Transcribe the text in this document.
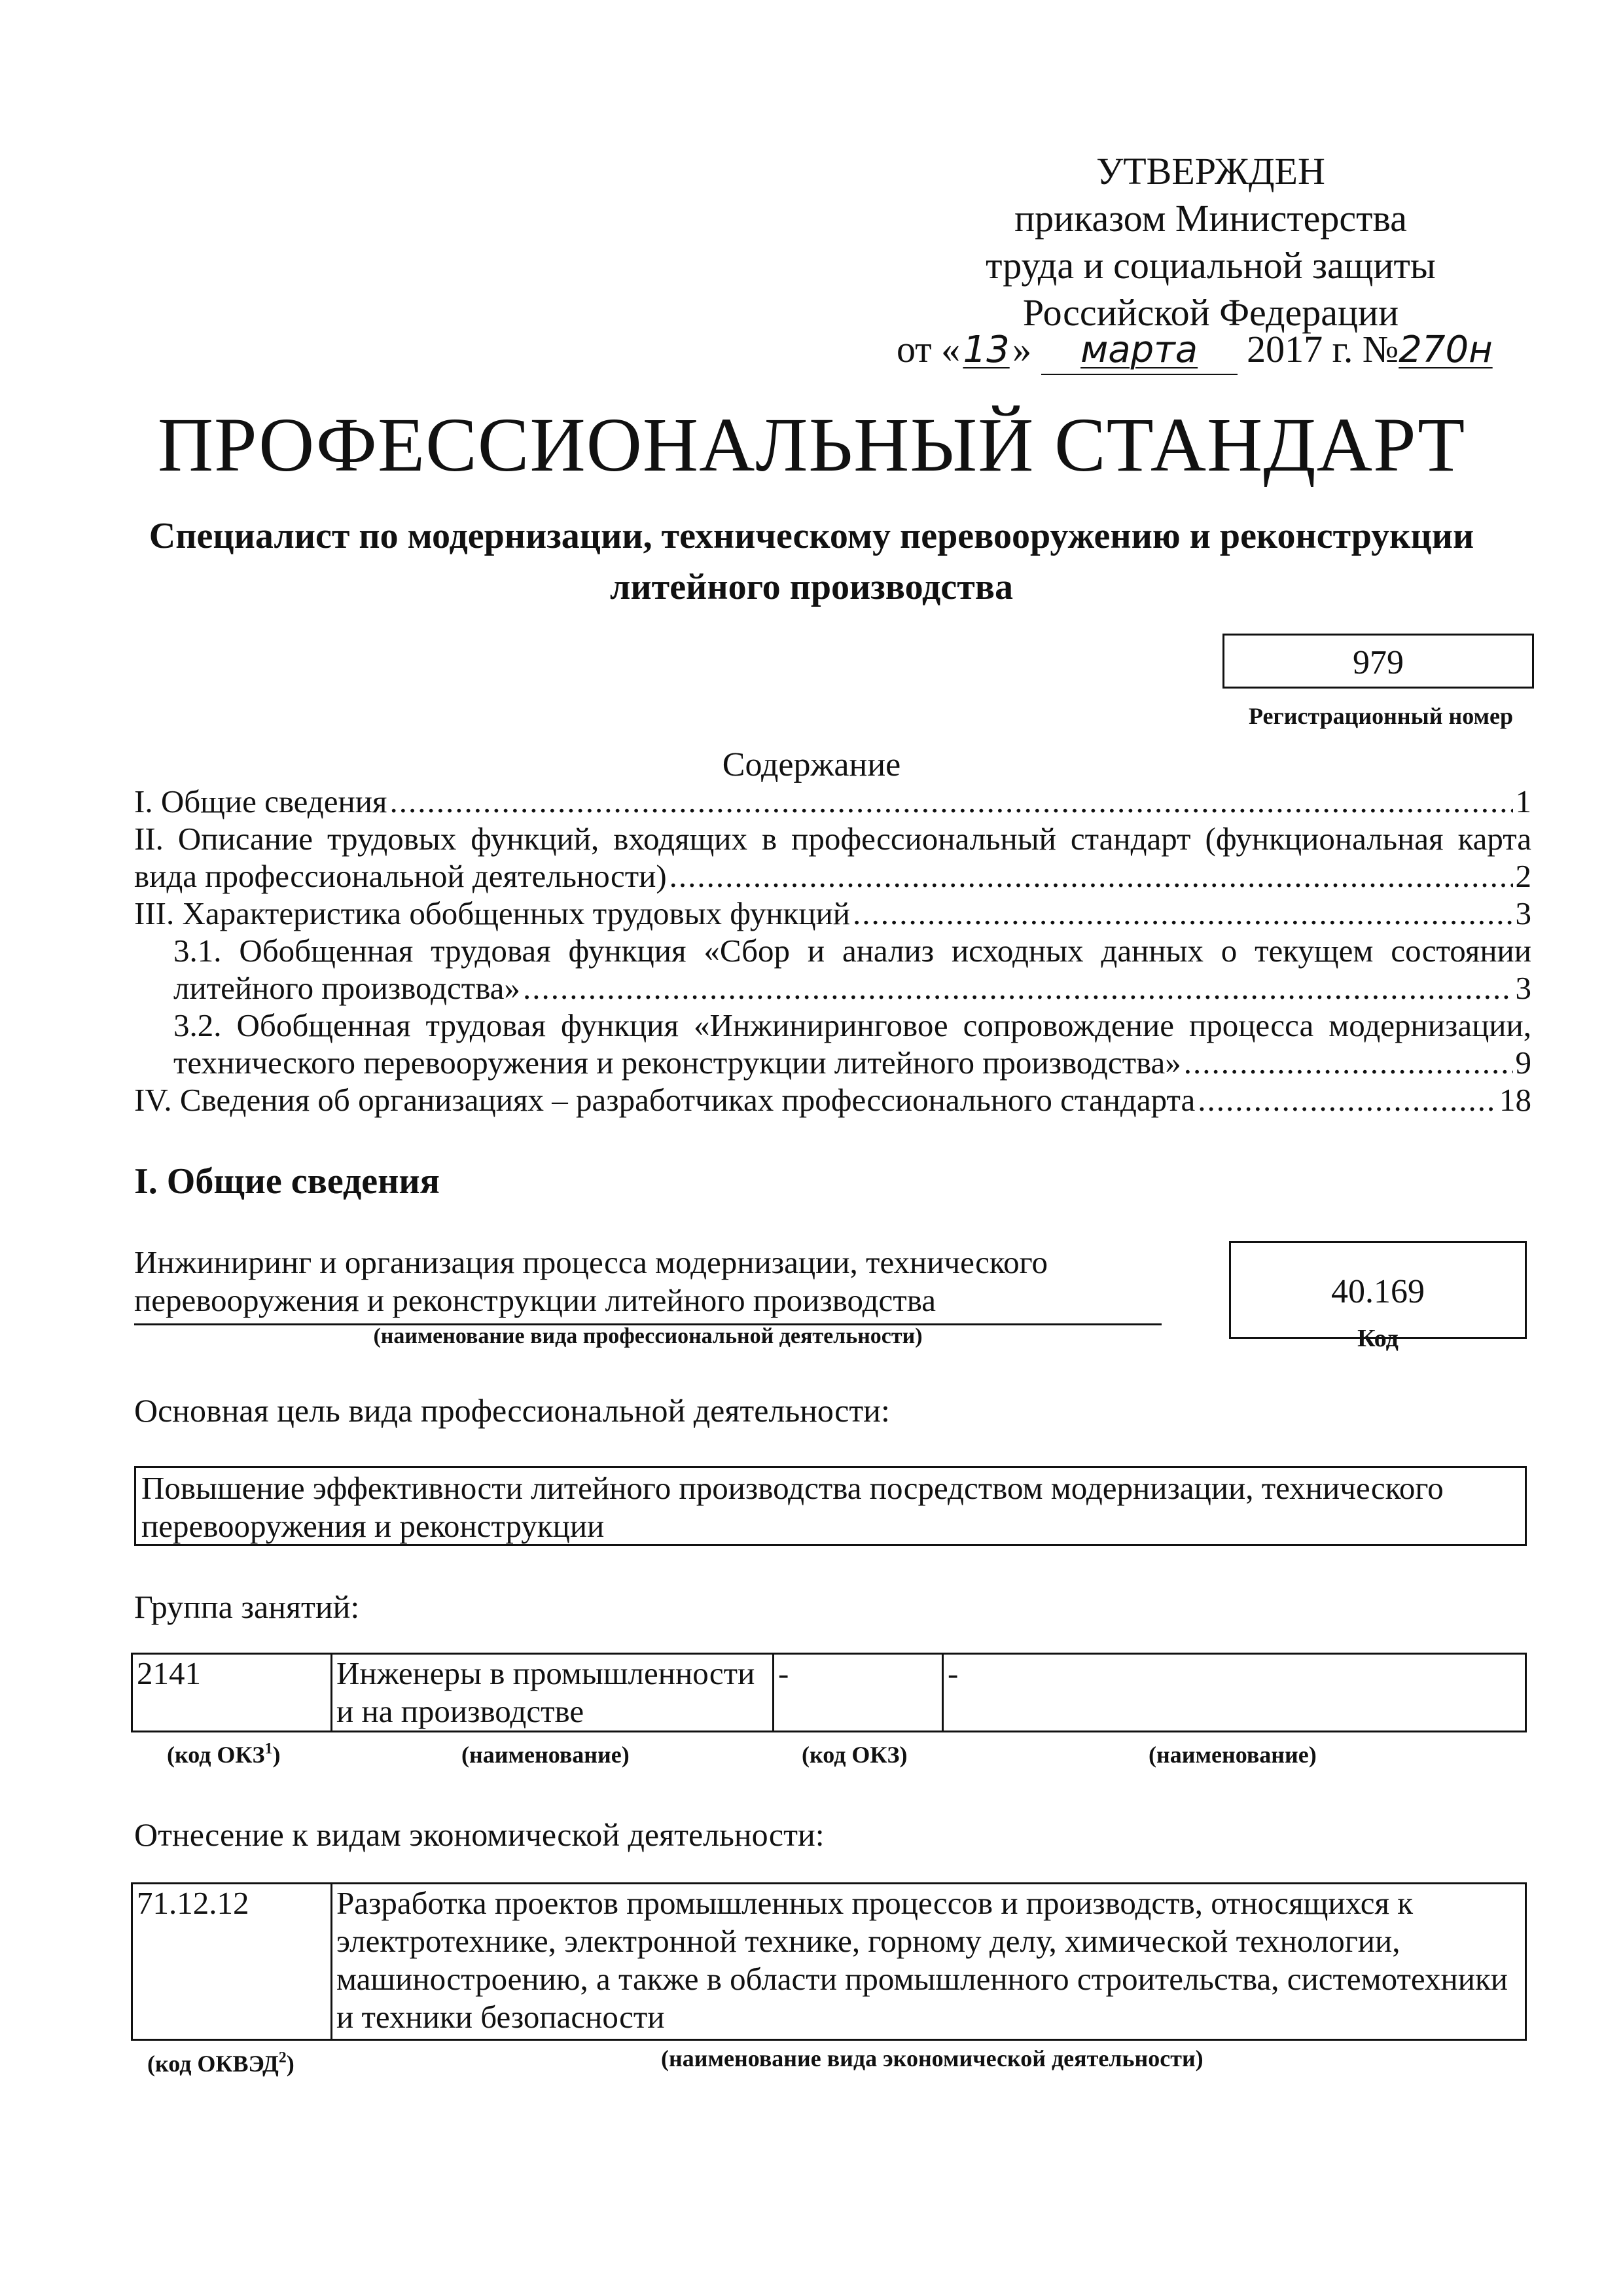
УТВЕРЖДЕН
приказом Министерства
труда и социальной защиты
Российской Федерации
от «13» марта 2017 г. №270н
ПРОФЕССИОНАЛЬНЫЙ СТАНДАРТ
Специалист по модернизации, техническому перевооружению и реконструкции
литейного производства
979
Регистрационный номер
Содержание
I. Общие сведения .....	1
II. Описание трудовых функций, входящих в профессиональный стандарт (функциональная карта
вида профессиональной деятельности) .....	2
III. Характеристика обобщенных трудовых функций .....	3
3.1. Обобщенная трудовая функция «Сбор и анализ исходных данных о текущем состоянии
литейного производства» .....	3
3.2. Обобщенная трудовая функция «Инжиниринговое сопровождение процесса модернизации,
технического перевооружения и реконструкции литейного производства» .....	9
IV. Сведения об организациях – разработчиках профессионального стандарта .....	18
I. Общие сведения
Инжиниринг и организация процесса модернизации, технического
перевооружения и реконструкции литейного производства
(наименование вида профессиональной деятельности)
40.169
Код
Основная цель вида профессиональной деятельности:
Повышение эффективности литейного производства посредством модернизации, технического перевооружения и реконструкции
Группа занятий:
2141	Инженеры в промышленности и на производстве	-	-
(код ОКЗ$^1$)	(наименование)	(код ОКЗ)	(наименование)
Отнесение к видам экономической деятельности:
71.12.12	Разработка проектов промышленных процессов и производств, относящихся к электротехнике, электронной технике, горному делу, химической технологии, машиностроению, а также в области промышленного строительства, системотехники и техники безопасности
(код ОКВЭД$^2$)	(наименование вида экономической деятельности)
